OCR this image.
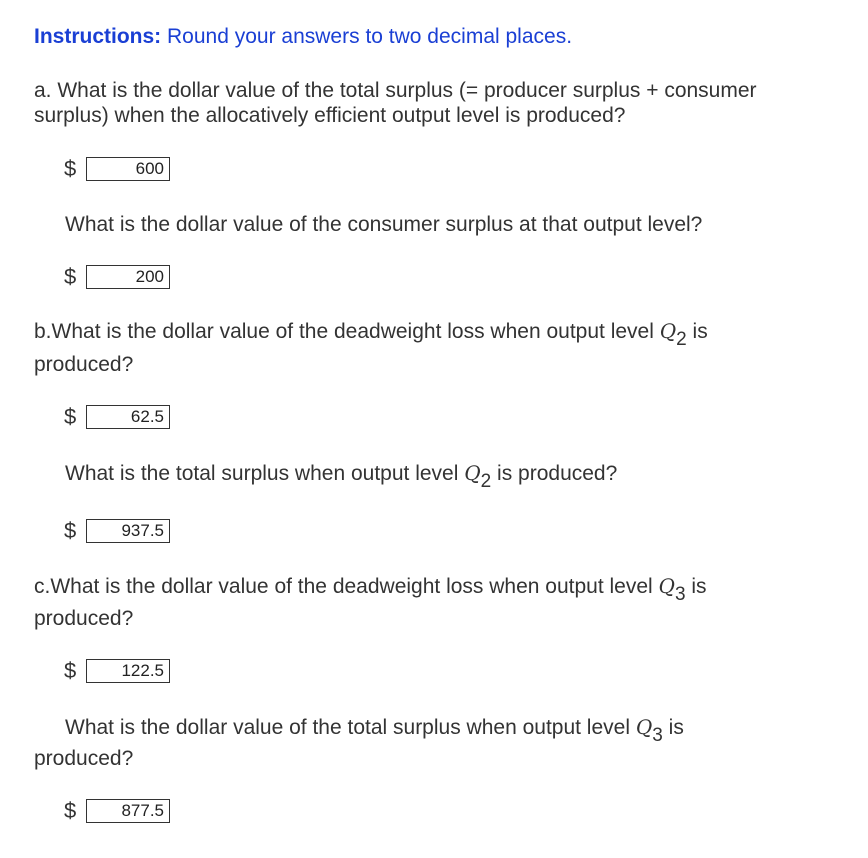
Instructions: Round your answers to two decimal places.
a. What is the dollar value of the total surplus (= producer surplus + consumer
surplus) when the allocatively efficient output level is produced?
$	600
What is the dollar value of the consumer surplus at that output level?
$	200
b.What is the dollar value of the deadweight loss when output level $Q_2$ is
produced?
$	62.5
What is the total surplus when output level $Q_2$ is produced?
$	937.5
c.What is the dollar value of the deadweight loss when output level $Q_3$ is
produced?
$	122.5
What is the dollar value of the total surplus when output level $Q_3$ is
produced?
$	877.5
